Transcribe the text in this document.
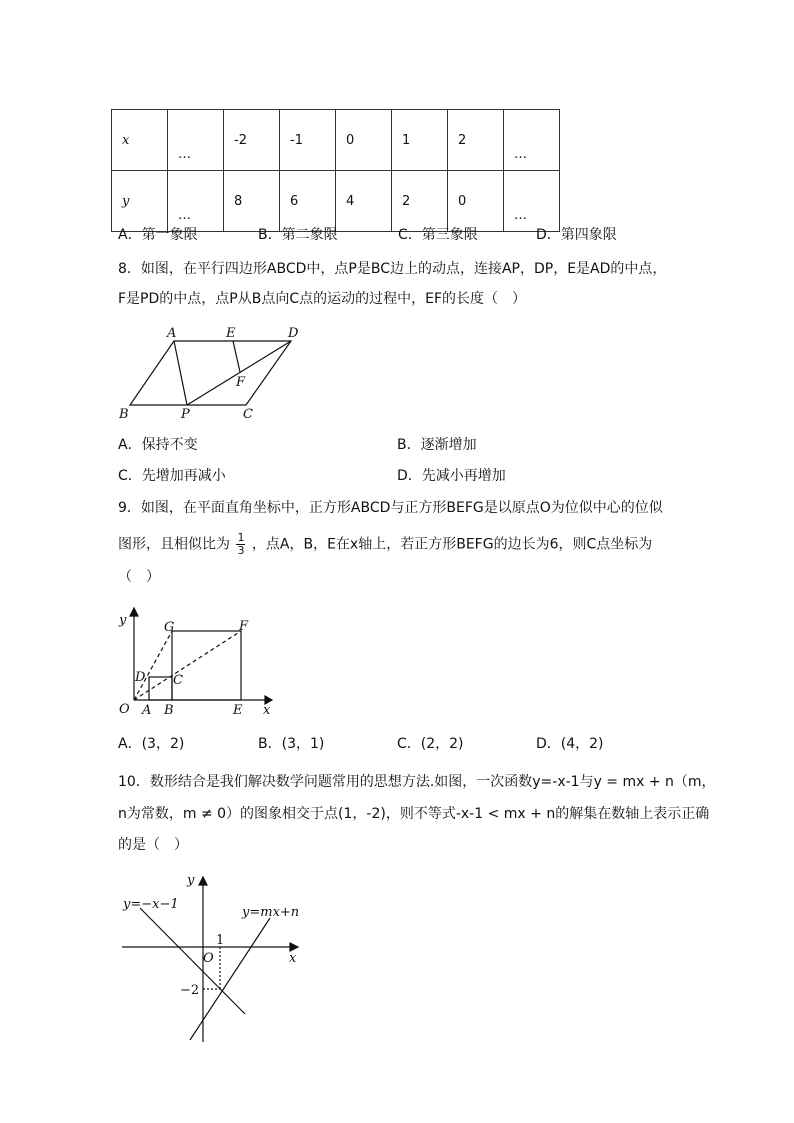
x	…	-2	-1	0	1	2	…
y	…	8	6	4	2	0	…
A．第一象限	B．第二象限	C．第三象限	D．第四象限
8．如图，在平行四边形ABCD中，点P是BC边上的动点，连接AP，DP，E是AD的中点，
F是PD的中点，点P从B点向C点的运动的过程中，EF的长度（　）
A	E	D
F
B	P	C
A．保持不变	B．逐渐增加
C．先增加再减小	D．先减小再增加
9．如图，在平面直角坐标中，正方形ABCD与正方形BEFG是以原点O为位似中心的位似
图形，且相似比为 $\frac{1}{3}$ ，点A，B，E在x轴上，若正方形BEFG的边长为6，则C点坐标为
（　）
y	G	F
D C
O A B	E x
A．(3，2)	B．(3，1)	C．(2，2)	D．(4，2)
10．数形结合是我们解决数学问题常用的思想方法.如图，一次函数y=-x-1与y = mx + n（m，
n为常数，m ≠ 0）的图象相交于点(1，-2)，则不等式-x-1 < mx + n的解集在数轴上表示正确
的是（　）
y
y=−x−1
y=mx+n
1
O	x
−2
